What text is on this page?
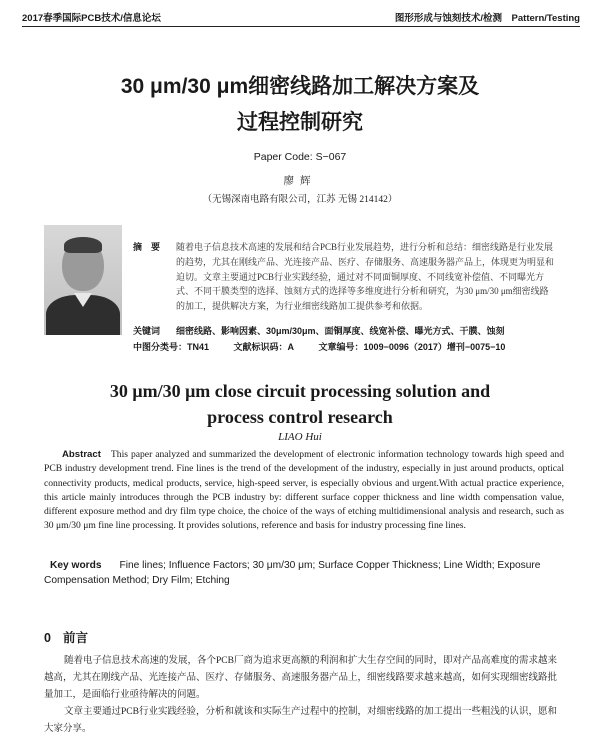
2017春季国际PCB技术/信息论坛	图形形成与蚀刻技术/检测　Pattern/Testing
30 μm/30 μm细密线路加工解决方案及
过程控制研究
Paper Code: S−067
廖辉
（无锡深南电路有限公司，江苏 无锡 214142）
摘　要 随着电子信息技术高速的发展和结合PCB行业发展趋势，进行分析和总结：细密线路是行业发展的趋势，尤其在刚线产品、光连接产品、医疗、存储服务、高速服务器产品上，体现更为明显和迫切。文章主要通过PCB行业实践经验，通过对不同面铜厚度、不同线宽补偿值、不同曝光方式、不同干膜类型的选择、蚀刻方式的选择等多维度进行分析和研究，为30 μm/30 μm细密线路的加工，提供解决方案，为行业细密线路加工提供参考和依据。
关键词 细密线路、影响因素、30μm/30μm、面铜厚度、线宽补偿、曝光方式、干膜、蚀刻
中图分类号：TN41	文献标识码：A	文章编号：1009−0096（2017）增刊−0075−10
30 μm/30 μm close circuit processing solution and
process control research
LIAO Hui
Abstract This paper analyzed and summarized the development of electronic information technology towards high speed and PCB industry development trend. Fine lines is the trend of the development of the industry, especially in just around products, optical connectivity products, medical products, service, high-speed server, is especially obvious and urgent.With actual practice experience, this article mainly introduces through the PCB industry by: different surface copper thickness and line width compensation value, different exposure method and dry film type choice, the choice of the ways of etching multidimensional analysis and research, such as 30 μm/30 μm fine line processing. It provides solutions, reference and basis for industry processing fine lines.
Key words Fine lines; Influence Factors; 30 μm/30 μm; Surface Copper Thickness; Line Width; Exposure Compensation Method; Dry Film; Etching
0 前言
随着电子信息技术高速的发展，各个PCB厂商为追求更高额的利润和扩大生存空间的同时，即对产品高难度的需求越来越高，尤其在刚线产品、光连接产品、医疗、存储服务、高速服务器产品上，细密线路要求越来越高，如何实现细密线路批量加工，是面临行业亟待解决的问题。
文章主要通过PCB行业实践经验，分析和就该和实际生产过程中的控制，对细密线路的加工提出一些粗浅的认识，愿和大家分享。
